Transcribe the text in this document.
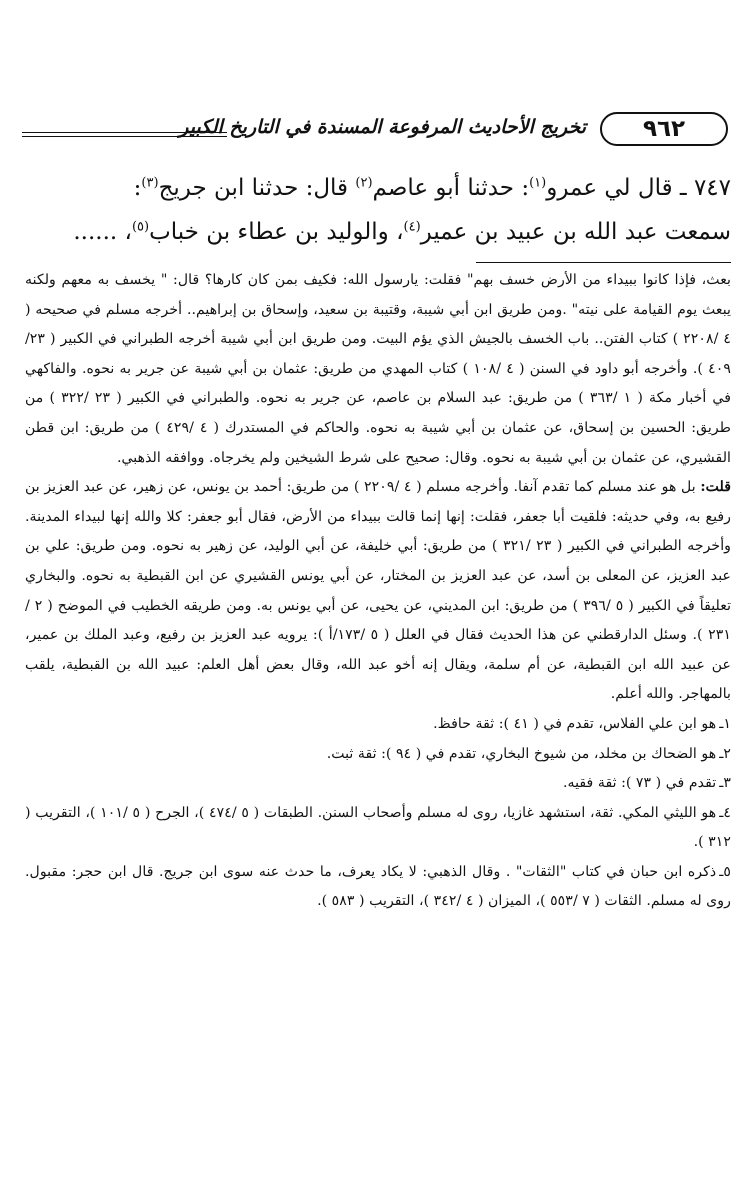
٩٦٢
تخريج الأحاديث المرفوعة المسندة في التاريخ الكبير

٧٤٧ ـ قال لي عمرو$^{(١)}$: حدثنا أبو عاصم$^{(٢)}$ قال: حدثنا ابن جريج$^{(٣)}$:

سمعت عبد الله بن عبيد بن عمير$^{(٤)}$، والوليد بن عطاء بن خباب$^{(٥)}$، ......

بعث، فإذا كانوا ببيداء من الأرض خسف بهم" فقلت: يارسول الله: فكيف بمن كان كارها؟ قال: " يخسف به معهم ولكنه يبعث يوم القيامة على نيته" .ومن طريق ابن أبي شيبة، وقتيبة بن سعيد، وإسحاق بن إبراهيم.. أخرجه مسلم في صحيحه ( ٤ /٢٢٠٨ ) كتاب الفتن.. باب الخسف بالجيش الذي يؤم البيت. ومن طريق ابن أبي شيبة أخرجه الطبراني في الكبير ( ٢٣/ ٤٠٩ ). وأخرجه أبو داود في السنن ( ٤ /١٠٨ ) كتاب المهدي من طريق: عثمان بن أبي شيبة عن جرير به نحوه. والفاكهي في أخبار مكة ( ١ /٣٦٣ ) من طريق: عبد السلام بن عاصم، عن جرير به نحوه. والطبراني في الكبير ( ٢٣ /٣٢٢ ) من طريق: الحسين بن إسحاق، عن عثمان بن أبي شيبة به نحوه. والحاكم في المستدرك ( ٤ /٤٢٩ ) من طريق: ابن قطن القشيري، عن عثمان بن أبي شيبة به نحوه. وقال: صحيح على شرط الشيخين ولم يخرجاه. ووافقه الذهبي.

قلت: بل هو عند مسلم كما تقدم آنفا. وأخرجه مسلم ( ٤ /٢٢٠٩ ) من طريق: أحمد بن يونس، عن زهير، عن عبد العزيز بن رفيع به، وفي حديثه: فلقيت أبا جعفر، فقلت: إنها إنما قالت ببيداء من الأرض، فقال أبو جعفر: كلا والله إنها لبيداء المدينة. وأخرجه الطبراني في الكبير ( ٢٣ /٣٢١ ) من طريق: أبي خليفة، عن أبي الوليد، عن زهير به نحوه. ومن طريق: علي بن عبد العزيز، عن المعلى بن أسد، عن عبد العزيز بن المختار، عن أبي يونس القشيري عن ابن القبطية به نحوه. والبخاري تعليقاً في الكبير ( ٥ /٣٩٦ ) من طريق: ابن المديني، عن يحيى، عن أبي يونس به. ومن طريقه الخطيب في الموضح ( ٢ /٢٣١ ). وسئل الدارقطني عن هذا الحديث فقال في العلل ( ٥ /١٧٣/أ ): يرويه عبد العزيز بن رفيع، وعبد الملك بن عمير، عن عبيد الله ابن القبطية، عن أم سلمة، ويقال إنه أخو عبد الله، وقال بعض أهل العلم: عبيد الله بن القبطية، يلقب بالمهاجر. والله أعلم.

١ـهو ابن علي الفلاس، تقدم في ( ٤١ ): ثقة حافظ.
٢ـهو الضحاك بن مخلد، من شيوخ البخاري، تقدم في ( ٩٤ ): ثقة ثبت.
٣ـتقدم في ( ٧٣ ): ثقة فقيه.
٤ـهو الليثي المكي. ثقة، استشهد غازيا، روى له مسلم وأصحاب السنن. الطبقات ( ٥ /٤٧٤ )، الجرح ( ٥ /١٠١ )، التقريب ( ٣١٢ ).
٥ـذكره ابن حبان في كتاب "الثقات" . وقال الذهبي: لا يكاد يعرف، ما حدث عنه سوى ابن جريج. قال ابن حجر: مقبول. روى له مسلم. الثقات ( ٧ /٥٥٣ )، الميزان ( ٤ /٣٤٢ )، التقريب ( ٥٨٣ ).
